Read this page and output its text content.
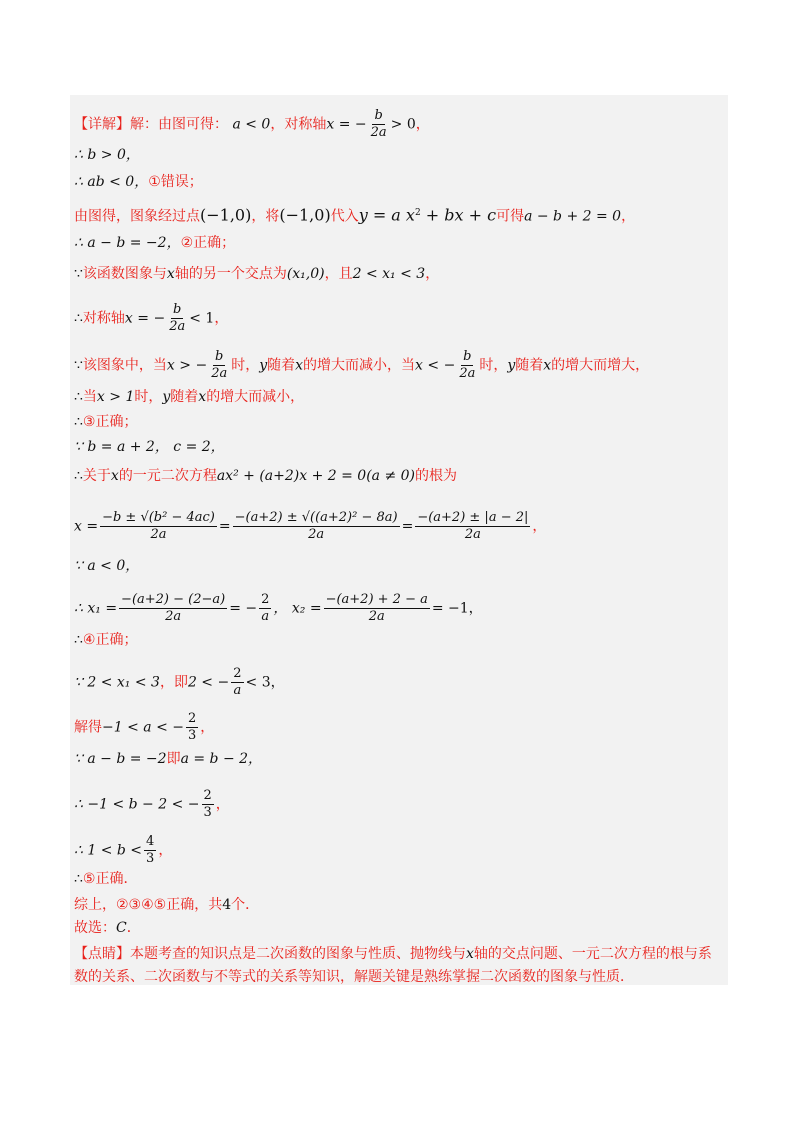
【详解】解：由图可得： a < 0，对称轴x = − $\frac{b}{2a} > 0$，
∴ b > 0，
∴ ab < 0，①错误；
由图得，图象经过点(−1,0)，将(−1,0)代入y = a $x^2$ + bx + c可得a − b + 2 = 0，
∴ a − b = −2，②正确；
∵该函数图象与x轴的另一个交点为(x₁,0)，且2 < x₁ < 3，
∴对称轴x = − $\frac{b}{2a} < 1$，
∵该图象中，当x > − $\frac{b}{2a}$ 时，y随着x的增大而减小，当x < − $\frac{b}{2a}$ 时，y随着x的增大而增大，
∴当x > 1时，y随着x的增大而减小，
∴③正确；
∵ b = a + 2， c = 2，
∴关于x的一元二次方程ax² + (a+2)x + 2 = 0(a ≠ 0)的根为
$x = \frac{\text{−b ± √(b² − 4ac)}}{2a} = \frac{\text{−(a+2) ± √((a+2)² − 8a)}}{2a} = \frac{-(a+2) \pm |a - 2|}{2a}$ ，
∵ a < 0，
∴ $x_1 = \frac{-(a+2) - (2-a)}{2a}$ = − $\frac{2}{a}$ ， $x_2 = \frac{-(a+2) + 2 - a}{2a} = -1$，
∴④正确；
∵ 2 < x₁ < 3，即2 < − $\frac{2}{a} < 3$，
解得−1 < a < − $\frac{2}{3}$ ，
∵ a − b = −2即a = b − 2，
∴ −1 < b − 2 < − $\frac{2}{3}$ ，
∴ $1 < b < \frac{4}{3}$ ，
∴⑤正确．
综上，②③④⑤正确，共4个．
故选：C．
【点睛】本题考查的知识点是二次函数的图象与性质、抛物线与x轴的交点问题、一元二次方程的根与系
数的关系、二次函数与不等式的关系等知识，解题关键是熟练掌握二次函数的图象与性质．
